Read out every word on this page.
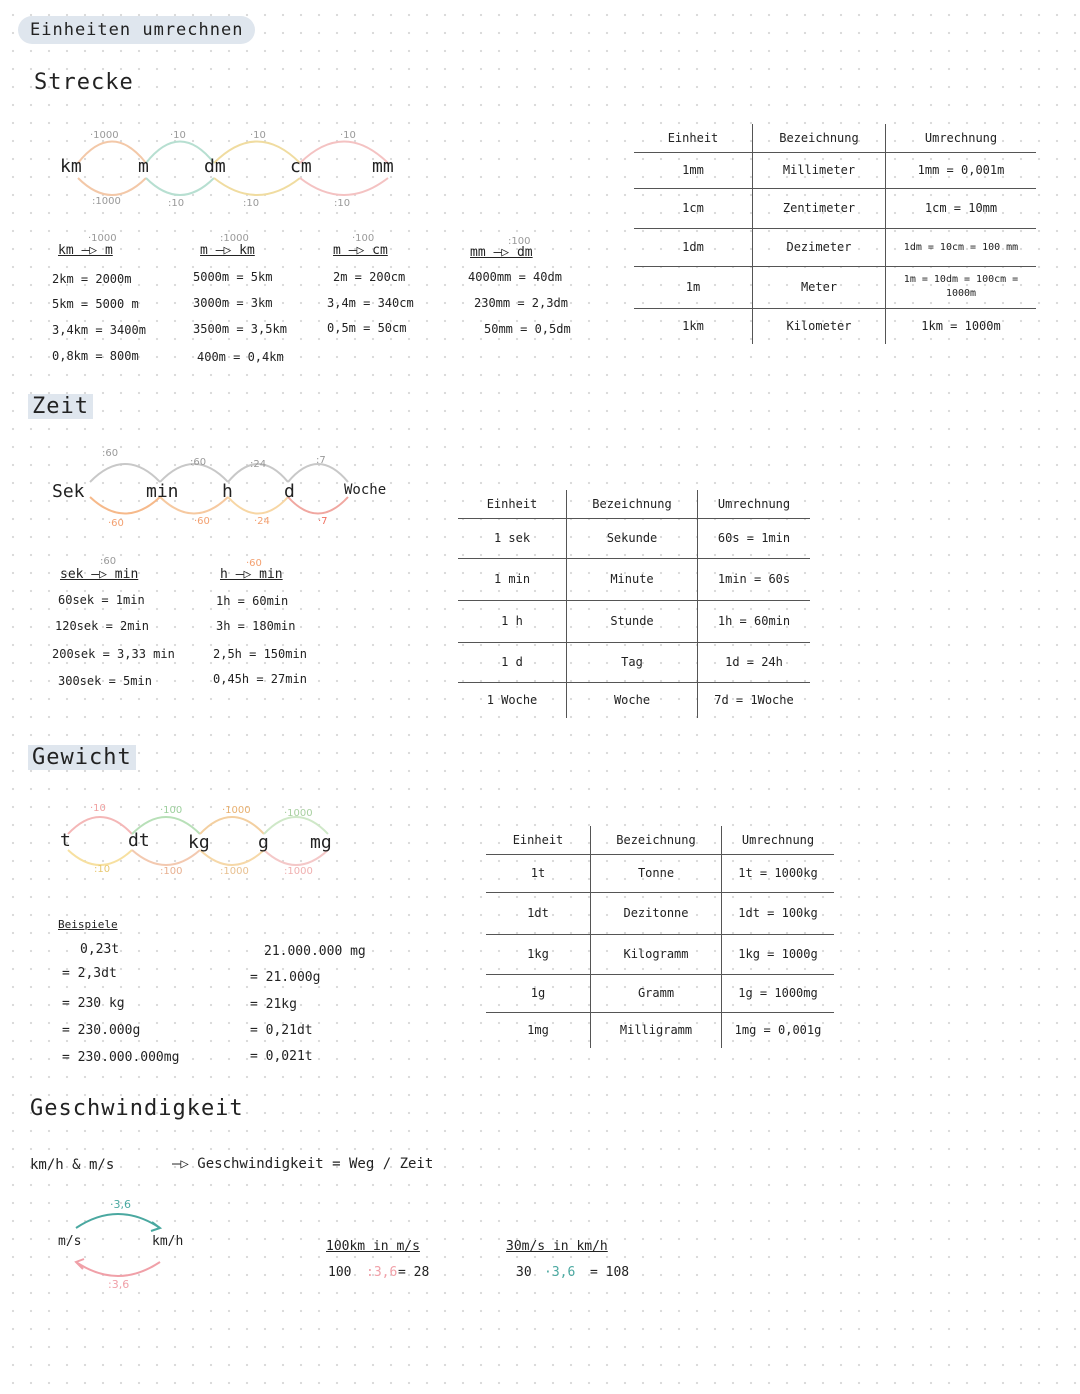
Einheiten umrechnen
Strecke
km	m	dm	cm	mm
·1000	·10	·10	·10
:1000	:10	:10	:10
·1000
km —▷ m
2km = 2000m
5km = 5000 m
3,4km = 3400m
0,8km = 800m
:1000
m —▷ km
5000m = 5km
3000m = 3km
3500m = 3,5km
400m = 0,4km
·100
m —▷ cm
2m = 200cm
3,4m = 340cm
0,5m = 50cm
:100
mm —▷ dm
4000mm = 40dm
230mm = 2,3dm
50mm = 0,5dm
Einheit	Bezeichnung	Umrechnung
1mm	Millimeter	1mm = 0,001m
1cm	Zentimeter	1cm = 10mm
1dm	Dezimeter	1dm = 10cm = 100 mm
1m	Meter	1m = 10dm = 100cm = 1000m
1km	Kilometer	1km = 1000m
Zeit
Sek	min h	d	Woche
:60
:60	:24	:7
·60	·60	·24	·7
:60
sek —▷ min
60sek = 1min
120sek = 2min
200sek = 3,33 min
300sek = 5min
·60
h —▷ min
1h = 60min
3h = 180min
2,5h = 150min
0,45h = 27min
Einheit	Bezeichnung	Umrechnung
1 sek	Sekunde	60s = 1min
1 min	Minute	1min = 60s
1 h	Stunde	1h = 60min
1 d	Tag	1d = 24h
1 Woche	Woche	7d = 1Woche
Gewicht
t	dt kg	g mg
·10	·100	·1000	·1000
:10	:100	:1000	:1000
Beispiele
0,23t
= 2,3dt
= 230 kg
= 230.000g
= 230.000.000mg
21.000.000 mg
= 21.000g
= 21kg
= 0,21dt
= 0,021t
Einheit	Bezeichnung	Umrechnung
1t	Tonne	1t = 1000kg
1dt	Dezitonne	1dt = 100kg
1kg	Kilogramm	1kg = 1000g
1g	Gramm	1g = 1000mg
1mg	Milligramm	1mg = 0,001g
Geschwindigkeit
km/h & m/s	—▷ Geschwindigkeit = Weg / Zeit
m/s	km/h
·3,6
:3,6
100km in m/s
100 :3,6 = 28
30m/s in km/h
30 ·3,6 = 108
